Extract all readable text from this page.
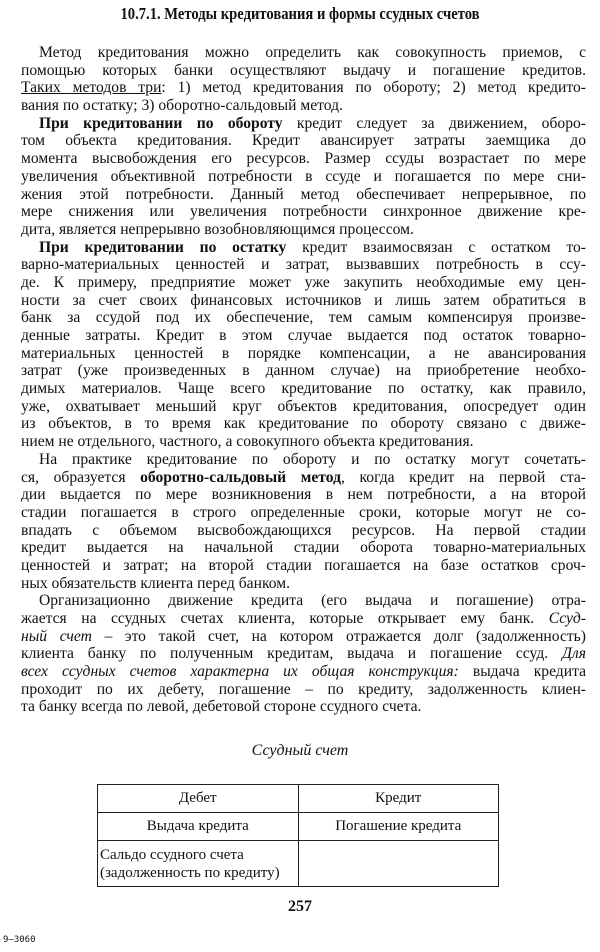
10.7.1. Методы кредитования и формы ссудных счетов
Метод кредитования можно определить как совокупность приемов, с
помощью которых банки осуществляют выдачу и погашение кредитов.
Таких методов три: 1) метод кредитования по обороту; 2) метод кредито-
вания по остатку; 3) оборотно-сальдовый метод.
При кредитовании по обороту кредит следует за движением, оборо-
том объекта кредитования. Кредит авансирует затраты заемщика до
момента высвобождения его ресурсов. Размер ссуды возрастает по мере
увеличения объективной потребности в ссуде и погашается по мере сни-
жения этой потребности. Данный метод обеспечивает непрерывное, по
мере снижения или увеличения потребности синхронное движение кре-
дита, является непрерывно возобновляющимся процессом.
При кредитовании по остатку кредит взаимосвязан с остатком то-
варно-материальных ценностей и затрат, вызвавших потребность в ссу-
де. К примеру, предприятие может уже закупить необходимые ему цен-
ности за счет своих финансовых источников и лишь затем обратиться в
банк за ссудой под их обеспечение, тем самым компенсируя произве-
денные затраты. Кредит в этом случае выдается под остаток товарно-
материальных ценностей в порядке компенсации, а не авансирования
затрат (уже произведенных в данном случае) на приобретение необхо-
димых материалов. Чаще всего кредитование по остатку, как правило,
уже, охватывает меньший круг объектов кредитования, опосредует один
из объектов, в то время как кредитование по обороту связано с движе-
нием не отдельного, частного, а совокупного объекта кредитования.
На практике кредитование по обороту и по остатку могут сочетать-
ся, образуется оборотно-сальдовый метод, когда кредит на первой ста-
дии выдается по мере возникновения в нем потребности, а на второй
стадии погашается в строго определенные сроки, которые могут не со-
впадать с объемом высвобождающихся ресурсов. На первой стадии
кредит выдается на начальной стадии оборота товарно-материальных
ценностей и затрат; на второй стадии погашается на базе остатков сроч-
ных обязательств клиента перед банком.
Организационно движение кредита (его выдача и погашение) отра-
жается на ссудных счетах клиента, которые открывает ему банк. Ссуд-
ный счет – это такой счет, на котором отражается долг (задолженность)
клиента банку по полученным кредитам, выдача и погашение ссуд. Для
всех ссудных счетов характерна их общая конструкция: выдача кредита
проходит по их дебету, погашение – по кредиту, задолженность клиен-
та банку всегда по левой, дебетовой стороне ссудного счета.
Ссудный счет
Дебет	Кредит
Выдача кредита	Погашение кредита
Сальдо ссудного счета (задолженность по кредиту)	
257
9–3060
